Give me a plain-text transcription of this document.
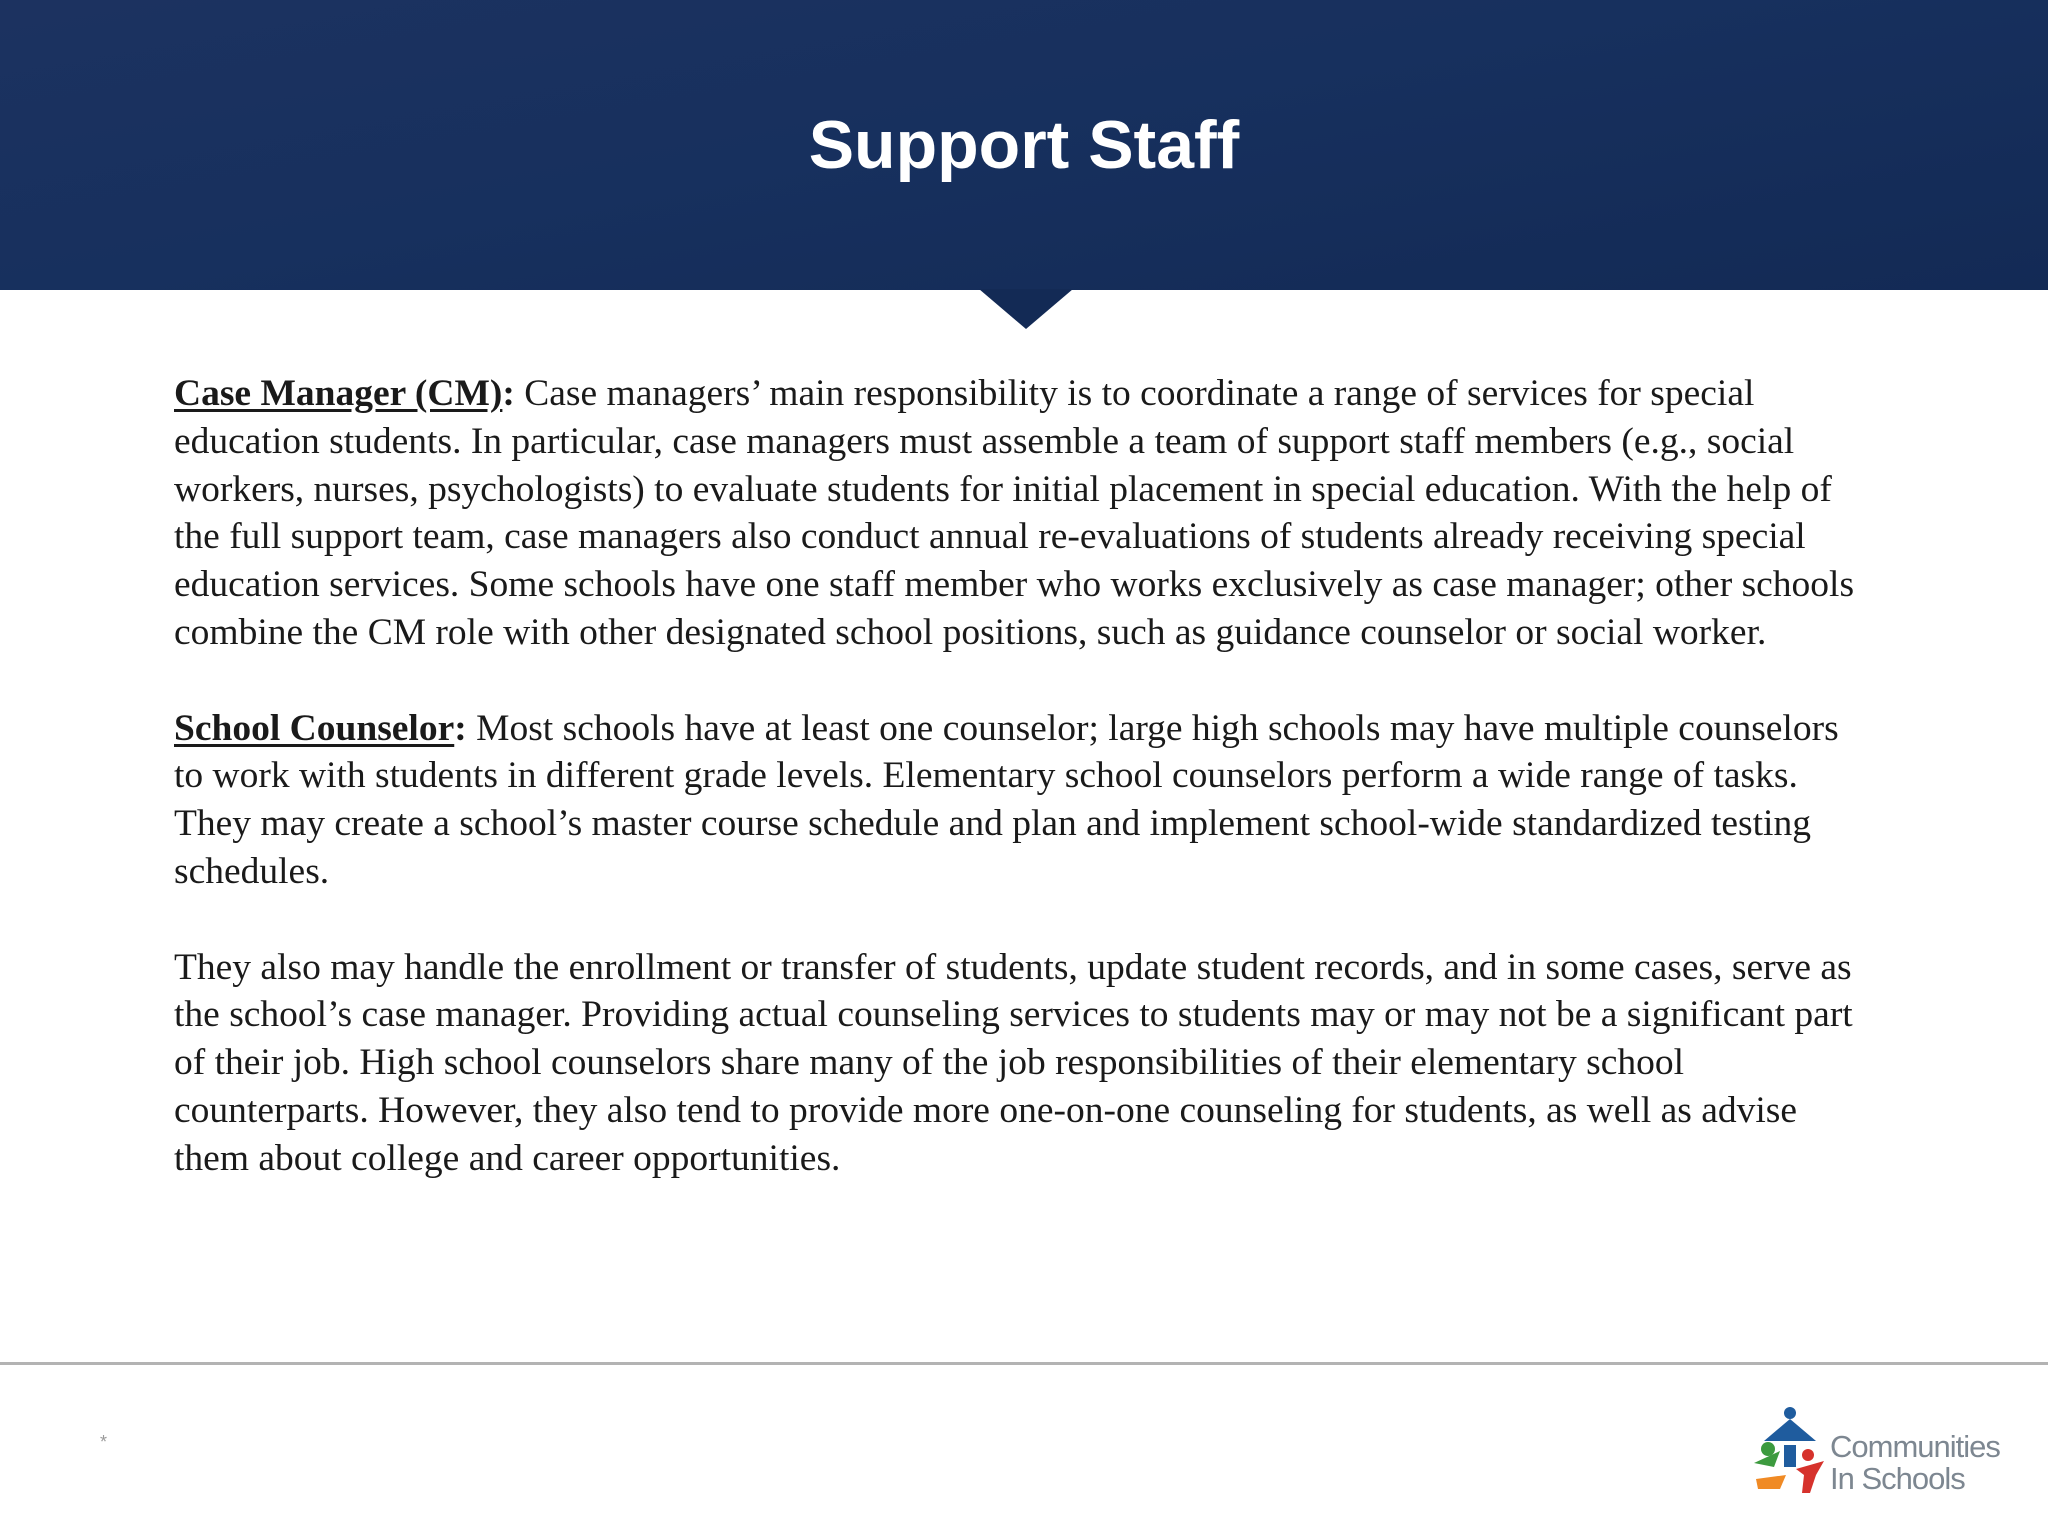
Support Staff

Case Manager (CM): Case managers’ main responsibility is to coordinate a range of services for special education students. In particular, case managers must assemble a team of support staff members (e.g., social workers, nurses, psychologists) to evaluate students for initial placement in special education. With the help of the full support team, case managers also conduct annual re-evaluations of students already receiving special education services. Some schools have one staff member who works exclusively as case manager; other schools combine the CM role with other designated school positions, such as guidance counselor or social worker.

School Counselor: Most schools have at least one counselor; large high schools may have multiple counselors to work with students in different grade levels. Elementary school counselors perform a wide range of tasks. They may create a school’s master course schedule and plan and implement school-wide standardized testing schedules.

They also may handle the enrollment or transfer of students, update student records, and in some cases, serve as the school’s case manager. Providing actual counseling services to students may or may not be a significant part of their job. High school counselors share many of the job responsibilities of their elementary school counterparts. However, they also tend to provide more one-on-one counseling for students, as well as advise them about college and career opportunities.

*	Communities
In Schools
